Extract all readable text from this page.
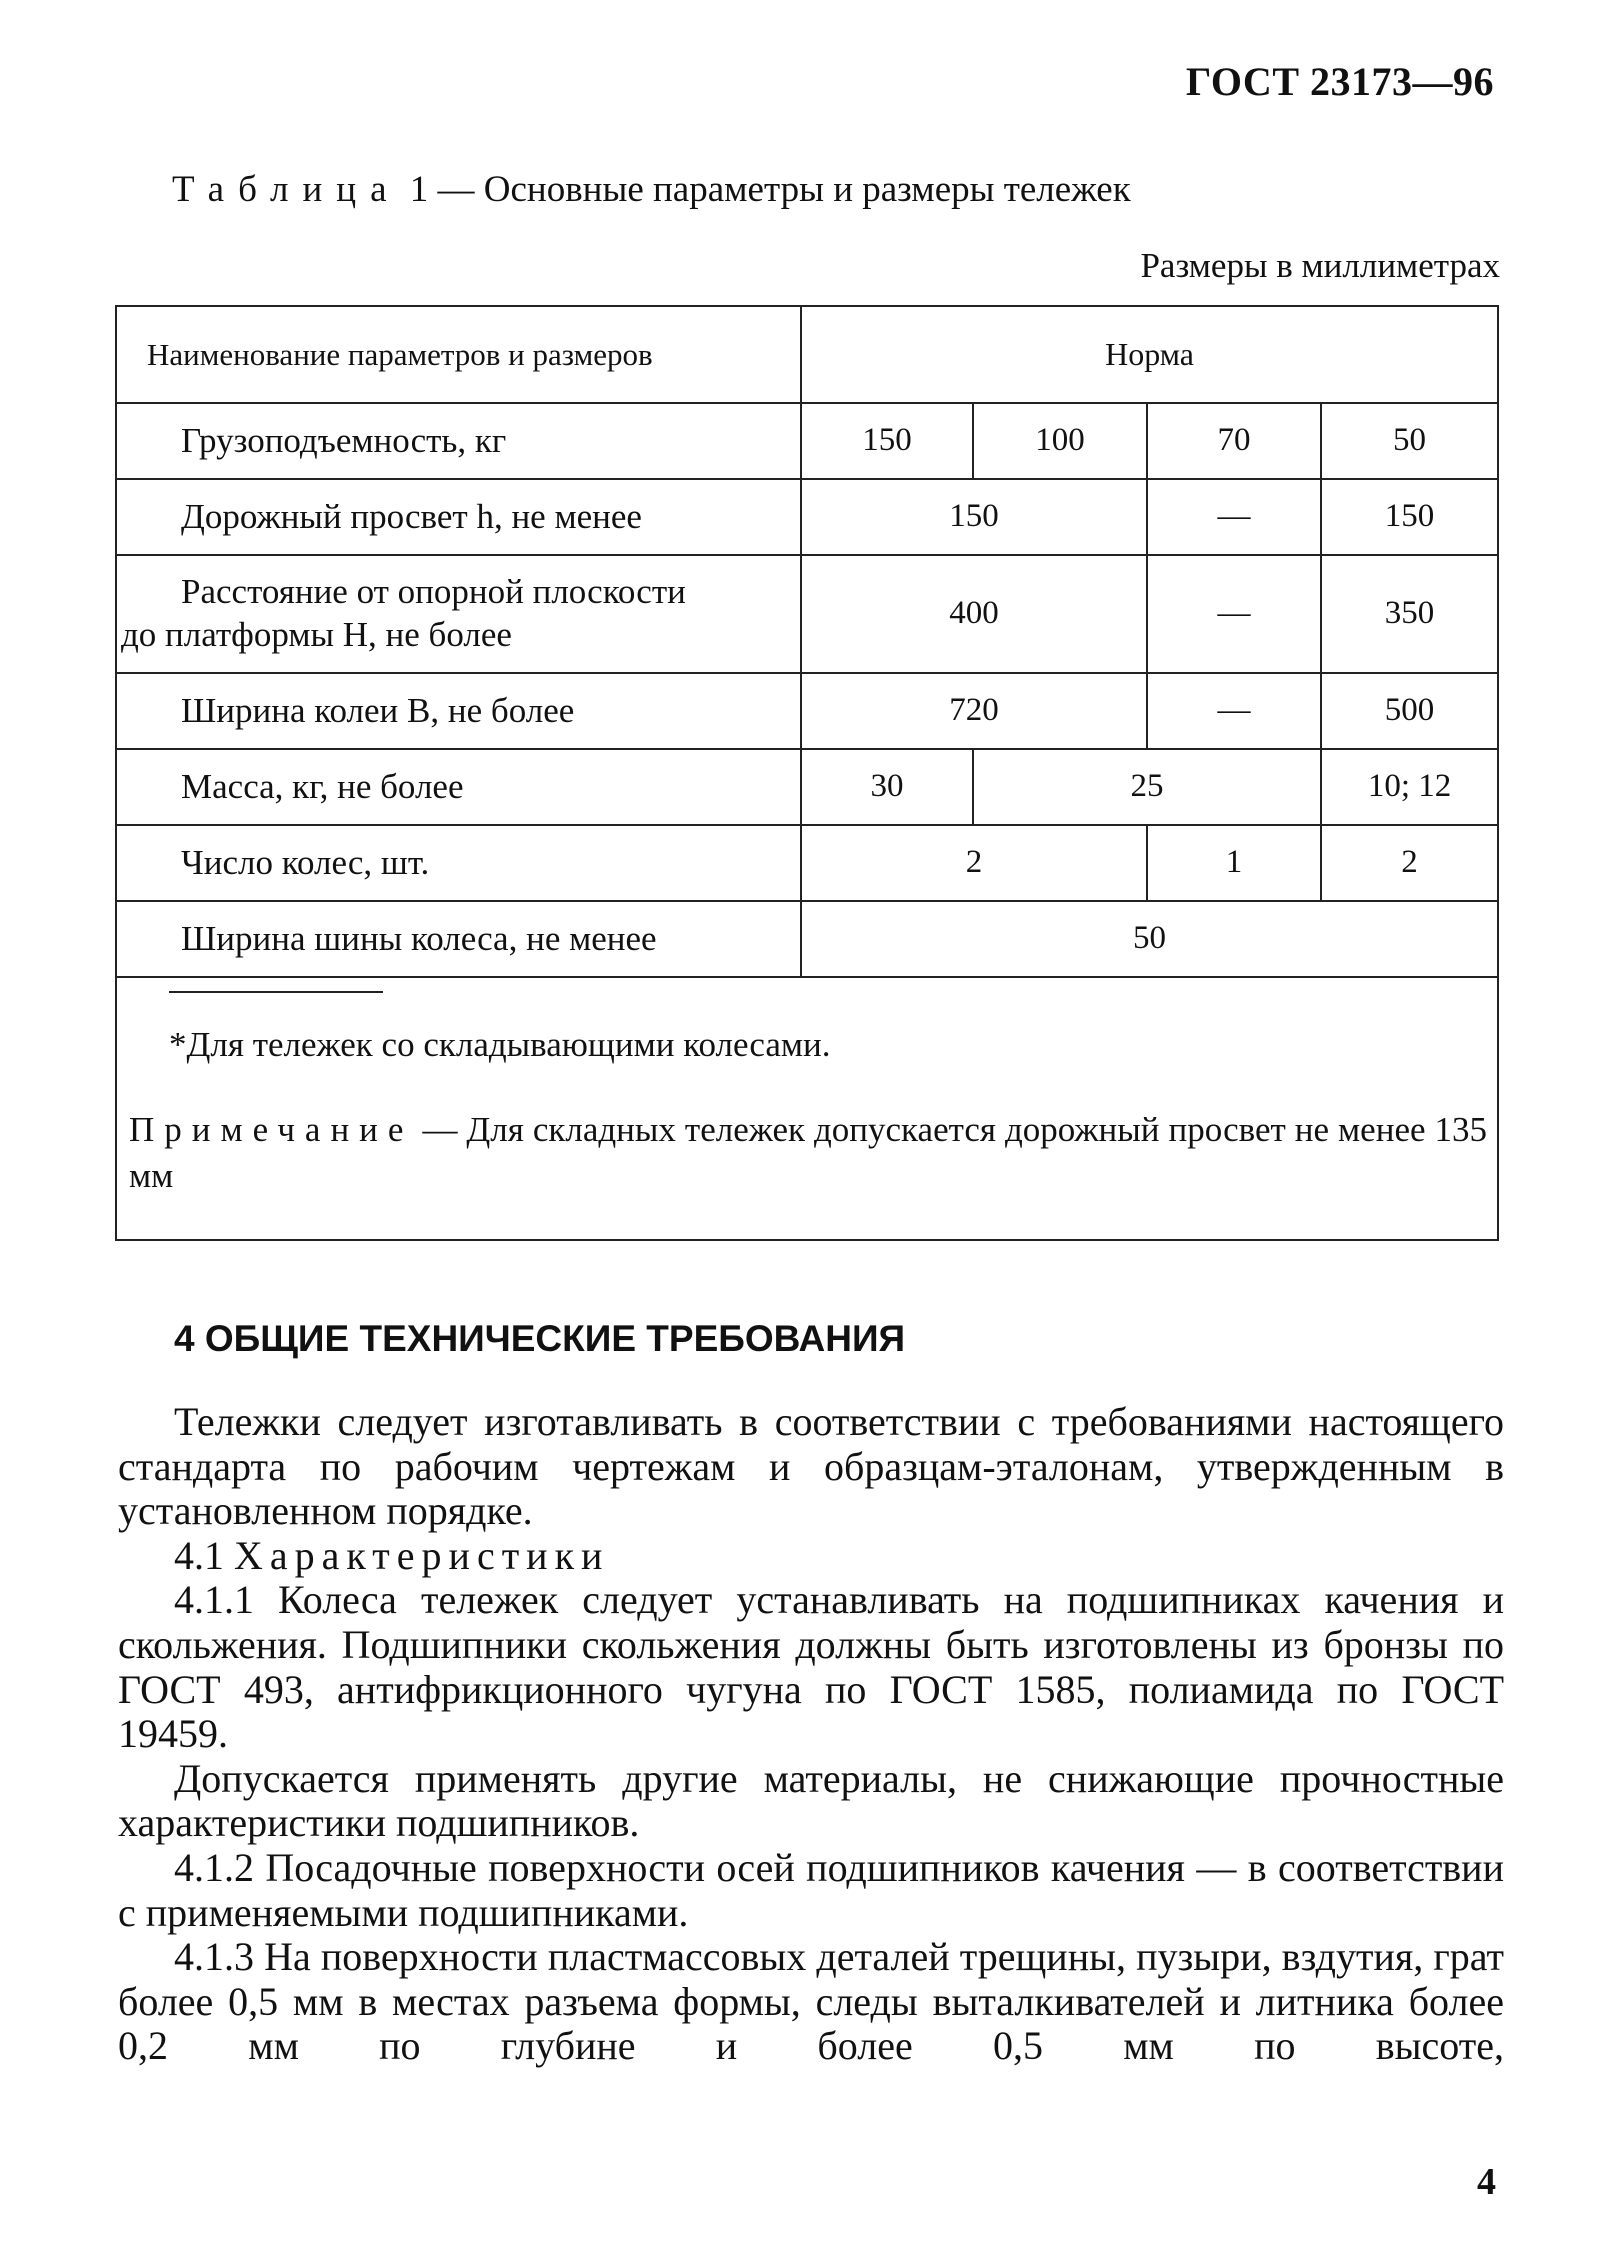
ГОСТ 23173—96
Таблица 1 — Основные параметры и размеры тележек
Размеры в миллиметрах
Наименование параметров и размеров	Норма			
Грузоподъемность, кг	150	100	70	50
Дорожный просвет h, не менее	150		—	150

Расстояние от опорной плоскости
до платформы H, не более	400		—	350
Ширина колеи B, не более	720		—	500
Масса, кг, не более	30	25		10; 12
Число колес, шт.	2		1	2
Ширина шины колеса, не менее	50			
*Для тележек со складывающими колесами.
Примечание — Для складных тележек допускается дорожный просвет не менее 135 мм
4 ОБЩИЕ ТЕХНИЧЕСКИЕ ТРЕБОВАНИЯ

Тележки следует изготавливать в соответствии с требованиями настоящего стандарта по рабочим чертежам и образцам-эталонам, утвержденным в установленном порядке.

4.1 Характеристики

4.1.1 Колеса тележек следует устанавливать на подшипниках качения и скольжения. Подшипники скольжения должны быть изготовлены из бронзы по ГОСТ 493, антифрикционного чугуна по ГОСТ 1585, полиамида по ГОСТ 19459.

Допускается применять другие материалы, не снижающие прочностные характеристики подшипников.

4.1.2 Посадочные поверхности осей подшипников качения — в соответствии с применяемыми подшипниками.

4.1.3 На поверхности пластмассовых деталей трещины, пузыри, вздутия, грат более 0,5 мм в местах разъема формы, следы выталкивателей и литника более 0,2 мм по глубине и более 0,5 мм по высоте,

4
